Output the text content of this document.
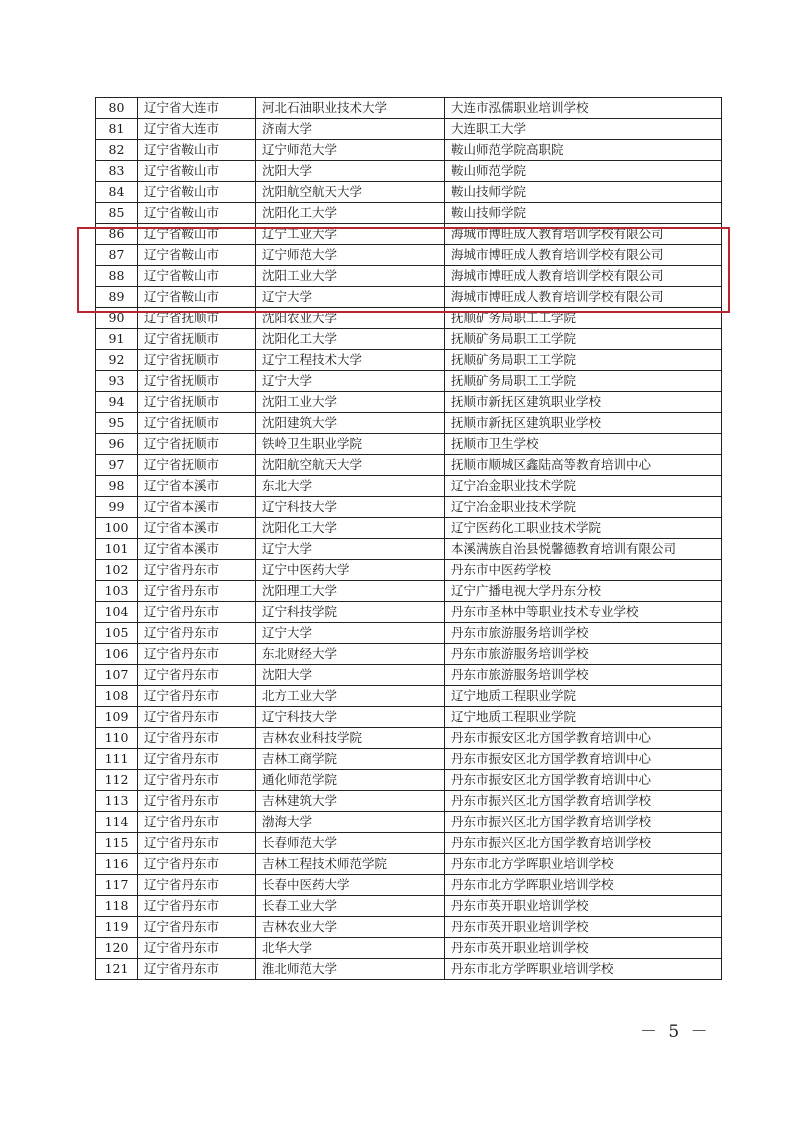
80	辽宁省大连市	河北石油职业技术大学	大连市泓儒职业培训学校
81	辽宁省大连市	济南大学	大连职工大学
82	辽宁省鞍山市	辽宁师范大学	鞍山师范学院高职院
83	辽宁省鞍山市	沈阳大学	鞍山师范学院
84	辽宁省鞍山市	沈阳航空航天大学	鞍山技师学院
85	辽宁省鞍山市	沈阳化工大学	鞍山技师学院
86	辽宁省鞍山市	辽宁工业大学	海城市博旺成人教育培训学校有限公司
87	辽宁省鞍山市	辽宁师范大学	海城市博旺成人教育培训学校有限公司
88	辽宁省鞍山市	沈阳工业大学	海城市博旺成人教育培训学校有限公司
89	辽宁省鞍山市	辽宁大学	海城市博旺成人教育培训学校有限公司
90	辽宁省抚顺市	沈阳农业大学	抚顺矿务局职工工学院
91	辽宁省抚顺市	沈阳化工大学	抚顺矿务局职工工学院
92	辽宁省抚顺市	辽宁工程技术大学	抚顺矿务局职工工学院
93	辽宁省抚顺市	辽宁大学	抚顺矿务局职工工学院
94	辽宁省抚顺市	沈阳工业大学	抚顺市新抚区建筑职业学校
95	辽宁省抚顺市	沈阳建筑大学	抚顺市新抚区建筑职业学校
96	辽宁省抚顺市	铁岭卫生职业学院	抚顺市卫生学校
97	辽宁省抚顺市	沈阳航空航天大学	抚顺市顺城区鑫陆高等教育培训中心
98	辽宁省本溪市	东北大学	辽宁冶金职业技术学院
99	辽宁省本溪市	辽宁科技大学	辽宁冶金职业技术学院
100	辽宁省本溪市	沈阳化工大学	辽宁医药化工职业技术学院
101	辽宁省本溪市	辽宁大学	本溪满族自治县悦馨德教育培训有限公司
102	辽宁省丹东市	辽宁中医药大学	丹东市中医药学校
103	辽宁省丹东市	沈阳理工大学	辽宁广播电视大学丹东分校
104	辽宁省丹东市	辽宁科技学院	丹东市圣林中等职业技术专业学校
105	辽宁省丹东市	辽宁大学	丹东市旅游服务培训学校
106	辽宁省丹东市	东北财经大学	丹东市旅游服务培训学校
107	辽宁省丹东市	沈阳大学	丹东市旅游服务培训学校
108	辽宁省丹东市	北方工业大学	辽宁地质工程职业学院
109	辽宁省丹东市	辽宁科技大学	辽宁地质工程职业学院
110	辽宁省丹东市	吉林农业科技学院	丹东市振安区北方国学教育培训中心
111	辽宁省丹东市	吉林工商学院	丹东市振安区北方国学教育培训中心
112	辽宁省丹东市	通化师范学院	丹东市振安区北方国学教育培训中心
113	辽宁省丹东市	吉林建筑大学	丹东市振兴区北方国学教育培训学校
114	辽宁省丹东市	渤海大学	丹东市振兴区北方国学教育培训学校
115	辽宁省丹东市	长春师范大学	丹东市振兴区北方国学教育培训学校
116	辽宁省丹东市	吉林工程技术师范学院	丹东市北方学晖职业培训学校
117	辽宁省丹东市	长春中医药大学	丹东市北方学晖职业培训学校
118	辽宁省丹东市	长春工业大学	丹东市英开职业培训学校
119	辽宁省丹东市	吉林农业大学	丹东市英开职业培训学校
120	辽宁省丹东市	北华大学	丹东市英开职业培训学校
121	辽宁省丹东市	淮北师范大学	丹东市北方学晖职业培训学校
－ 5 －
